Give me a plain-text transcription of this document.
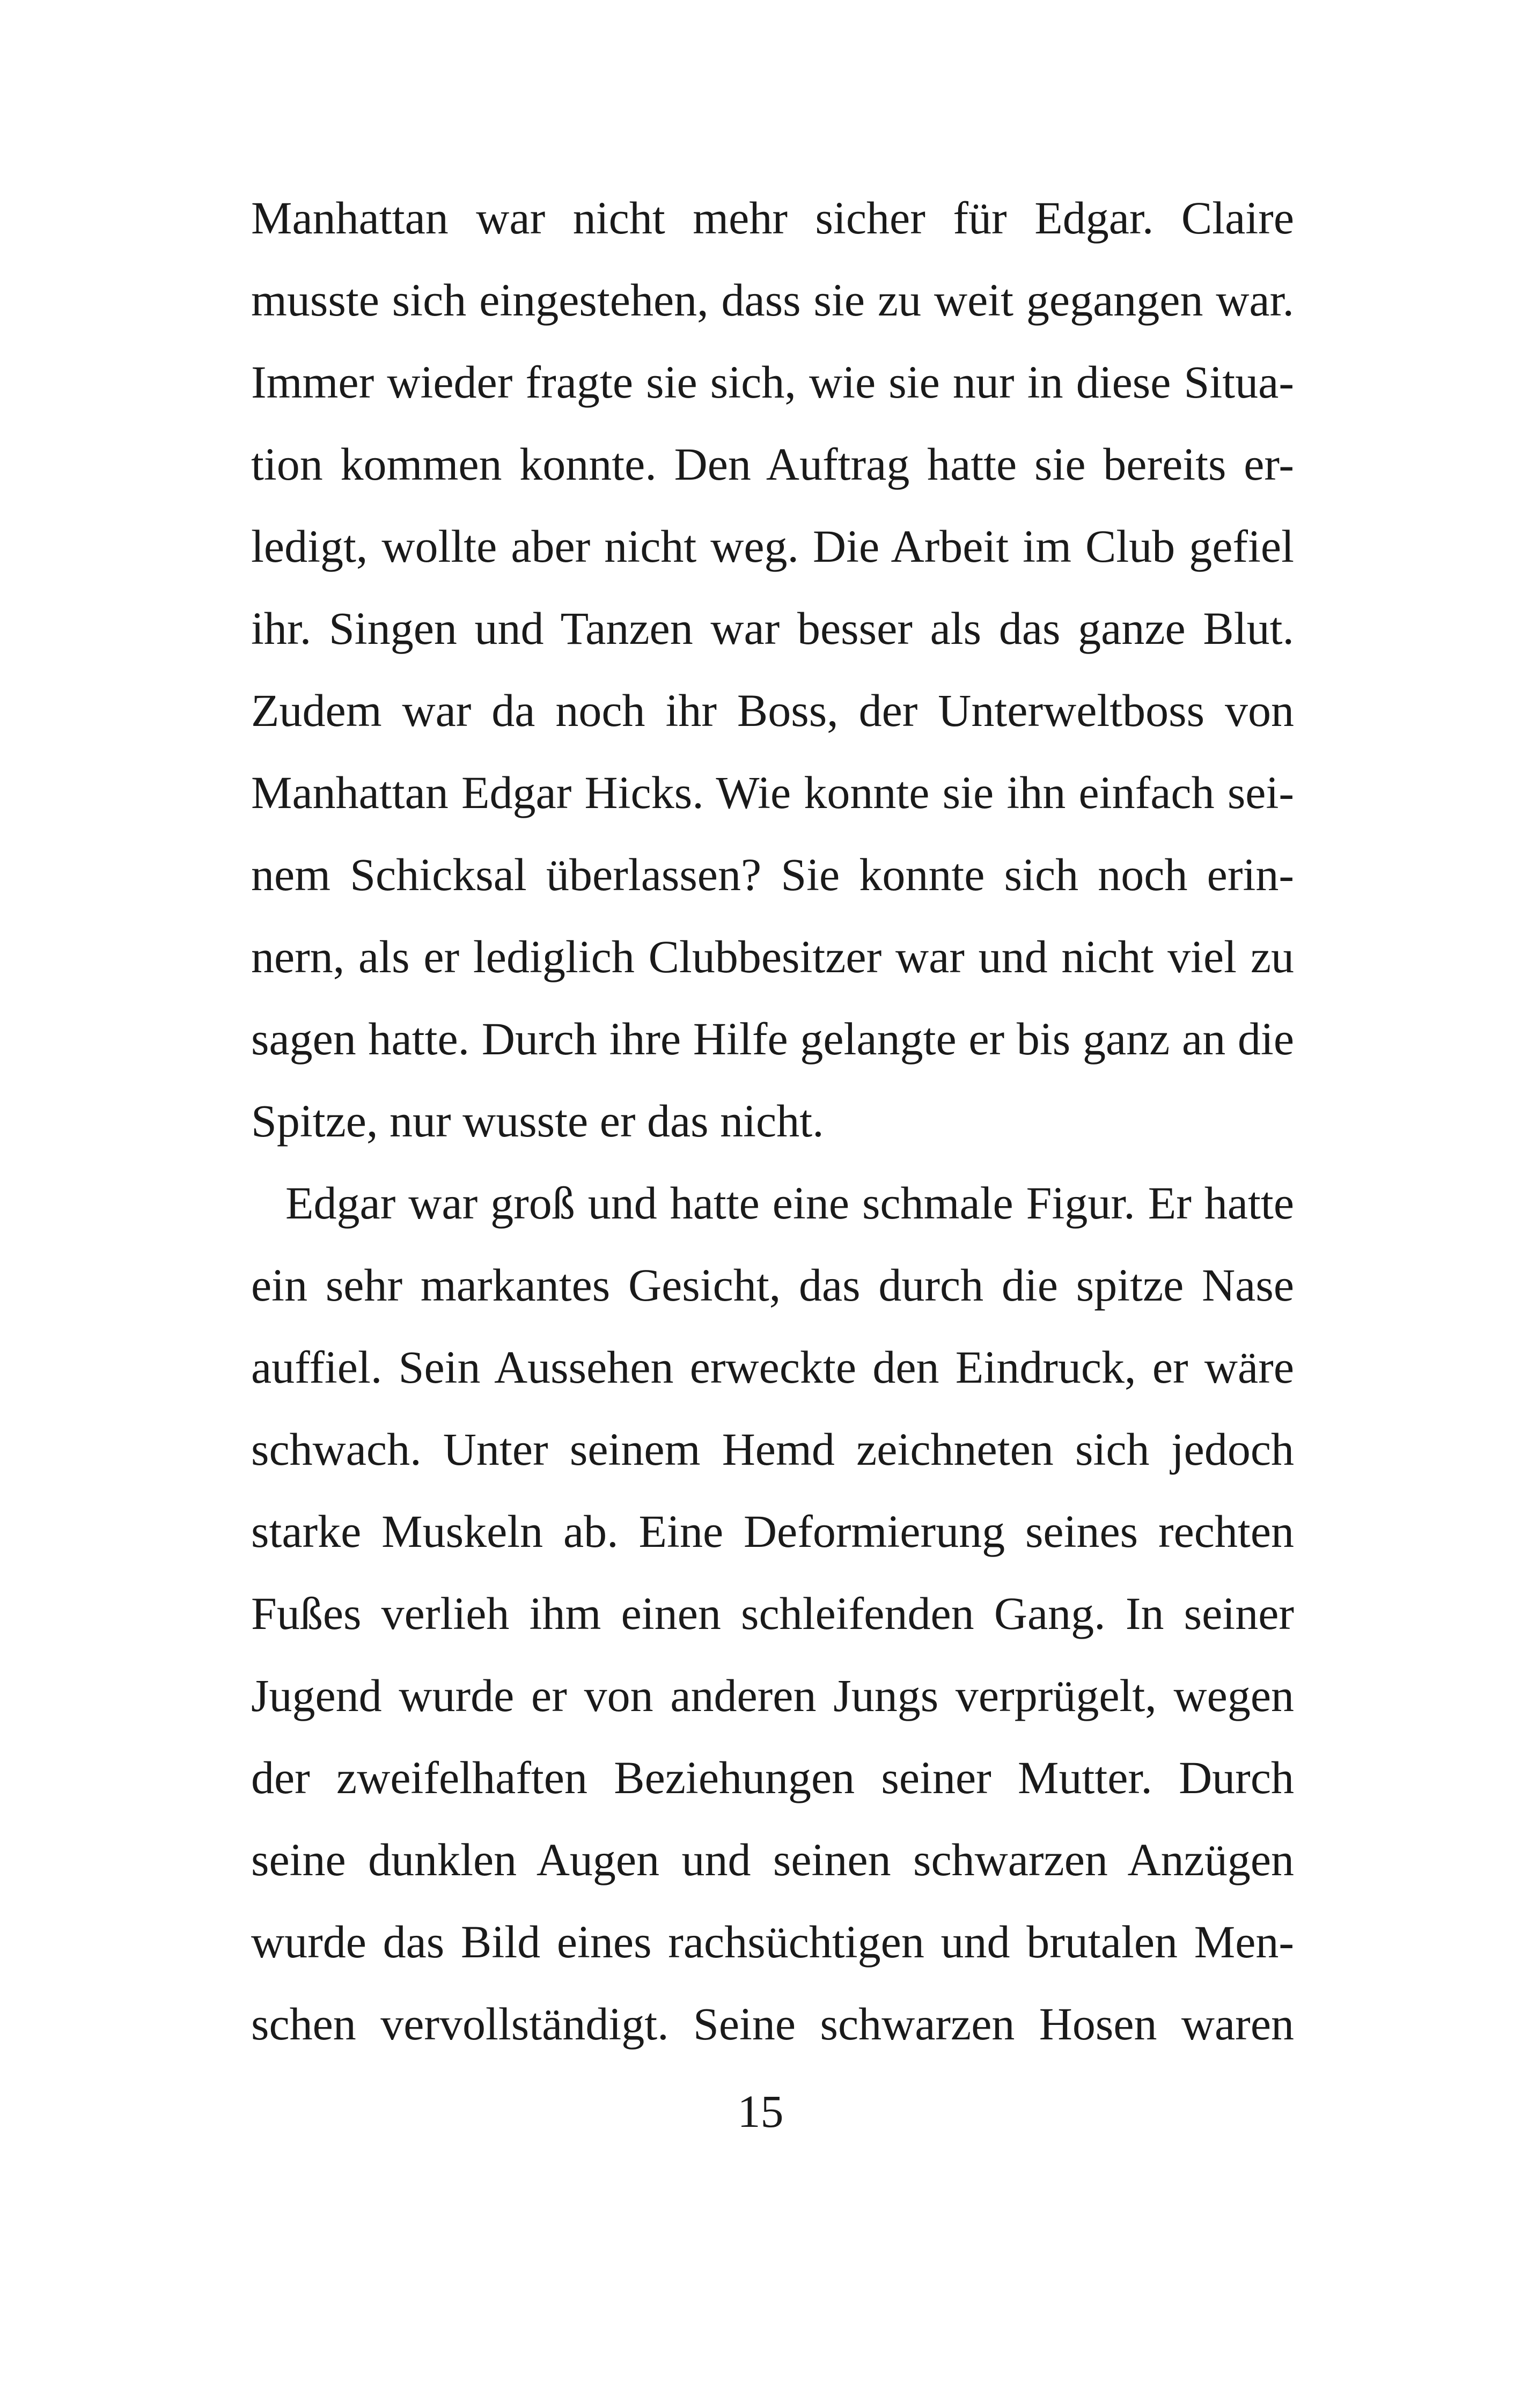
Manhattan war nicht mehr sicher für Edgar. Claire
musste sich eingestehen, dass sie zu weit gegangen war.
Immer wieder fragte sie sich, wie sie nur in diese Situa-
tion kommen konnte. Den Auftrag hatte sie bereits er-
ledigt, wollte aber nicht weg. Die Arbeit im Club gefiel
ihr. Singen und Tanzen war besser als das ganze Blut.
Zudem war da noch ihr Boss, der Unterweltboss von
Manhattan Edgar Hicks. Wie konnte sie ihn einfach sei-
nem Schicksal überlassen? Sie konnte sich noch erin-
nern, als er lediglich Clubbesitzer war und nicht viel zu
sagen hatte. Durch ihre Hilfe gelangte er bis ganz an die
Spitze, nur wusste er das nicht.
Edgar war groß und hatte eine schmale Figur. Er hatte
ein sehr markantes Gesicht, das durch die spitze Nase
auffiel. Sein Aussehen erweckte den Eindruck, er wäre
schwach. Unter seinem Hemd zeichneten sich jedoch
starke Muskeln ab. Eine Deformierung seines rechten
Fußes verlieh ihm einen schleifenden Gang. In seiner
Jugend wurde er von anderen Jungs verprügelt, wegen
der zweifelhaften Beziehungen seiner Mutter. Durch
seine dunklen Augen und seinen schwarzen Anzügen
wurde das Bild eines rachsüchtigen und brutalen Men-
schen vervollständigt. Seine schwarzen Hosen waren
15
